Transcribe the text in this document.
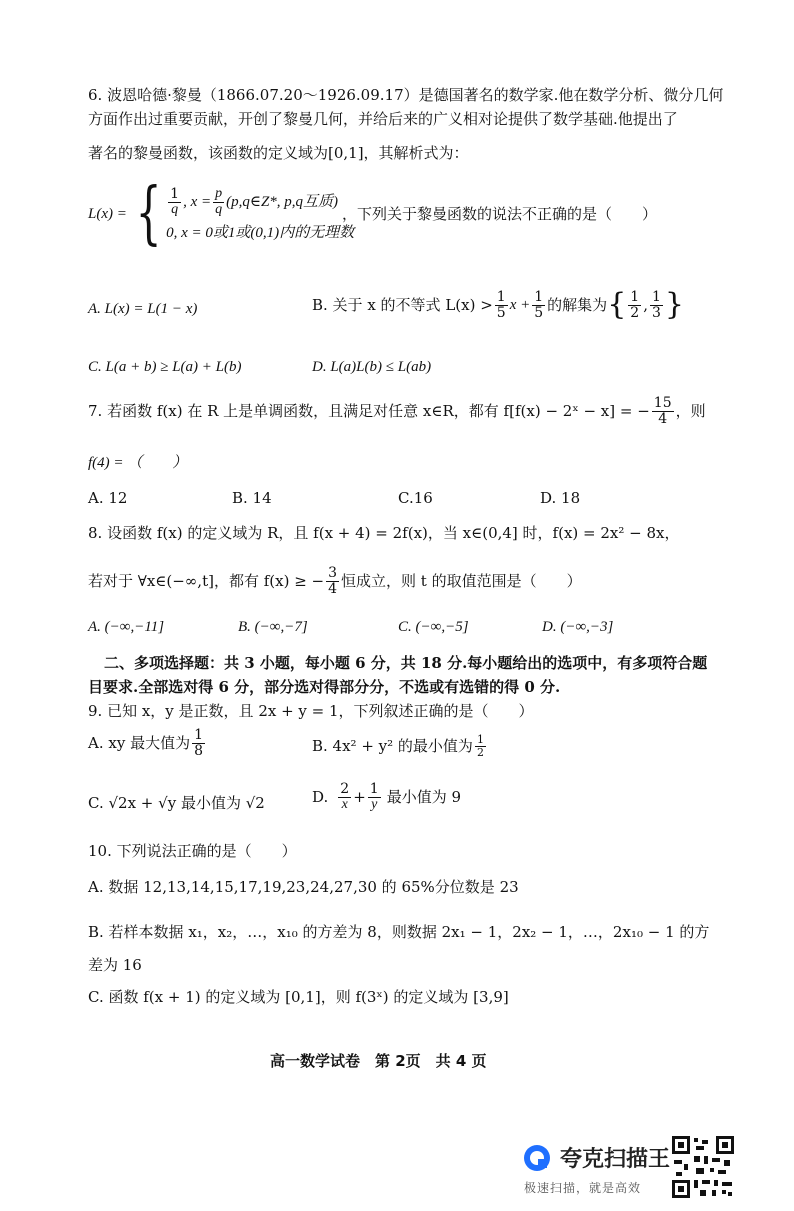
6. 波恩哈德·黎曼（1866.07.20～1926.09.17）是德国著名的数学家.他在数学分析、微分几何
方面作出过重要贡献，开创了黎曼几何，并给后来的广义相对论提供了数学基础.他提出了
著名的黎曼函数，该函数的定义域为[0,1]，其解析式为：
L(x) = { $\frac{1}{q}$ , $x = \frac{p}{q}$ (p,q∈Z*, p,q互质)
0, x = 0或1或(0,1)内的无理数
，下列关于黎曼函数的说法不正确的是（　　）
A. L(x) = L(1 − x)	B. 关于 x 的不等式 $L(x) > \frac{1}{5}$ $x + \frac{1}{5}$ 的解集为 { $\frac{1}{2}$ , $\frac{1}{3}$ }
C. L(a + b) ≥ L(a) + L(b)	D. L(a)L(b) ≤ L(ab)
7. 若函数 f(x) 在 R 上是单调函数，且满足对任意 x∈R，都有 f[f(x) − 2ˣ − x] = − $\frac{15}{4}$ ，则
f(4) = （　　）
A. 12	B. 14	C.16	D. 18
8. 设函数 f(x) 的定义域为 R，且 f(x + 4) = 2f(x)，当 x∈(0,4] 时，f(x) = 2x² − 8x，
若对于 ∀x∈(−∞,t]，都有 f(x) ≥ − $\frac{3}{4}$ 恒成立，则 t 的取值范围是（　　）
A. (−∞,−11]	B. (−∞,−7]	C. (−∞,−5]	D. (−∞,−3]
二、多项选择题：共 3 小题，每小题 6 分，共 18 分.每小题给出的选项中，有多项符合题
目要求.全部选对得 6 分，部分选对得部分分，不选或有选错的得 0 分.
9. 已知 x，y 是正数，且 2x + y = 1，下列叙述正确的是（　　）
A. xy 最大值为 $\frac{1}{8}$	B. 4x² + y² 的最小值为 $\frac{1}{2}$
C. √2x + √y 最小值为 √2	D. $\frac{2}{x} + \frac{1}{y}$ 最小值为 9
10. 下列说法正确的是（　　）
A. 数据 12,13,14,15,17,19,23,24,27,30 的 65%分位数是 23
B. 若样本数据 x₁，x₂，…，x₁₀ 的方差为 8，则数据 2x₁ − 1，2x₂ − 1，…，2x₁₀ − 1 的方
差为 16
C. 函数 f(x + 1) 的定义域为 [0,1]，则 f(3ˣ) 的定义域为 [3,9]
高一数学试卷　第 2页　共 4 页
夸克扫描王
极速扫描，就是高效
